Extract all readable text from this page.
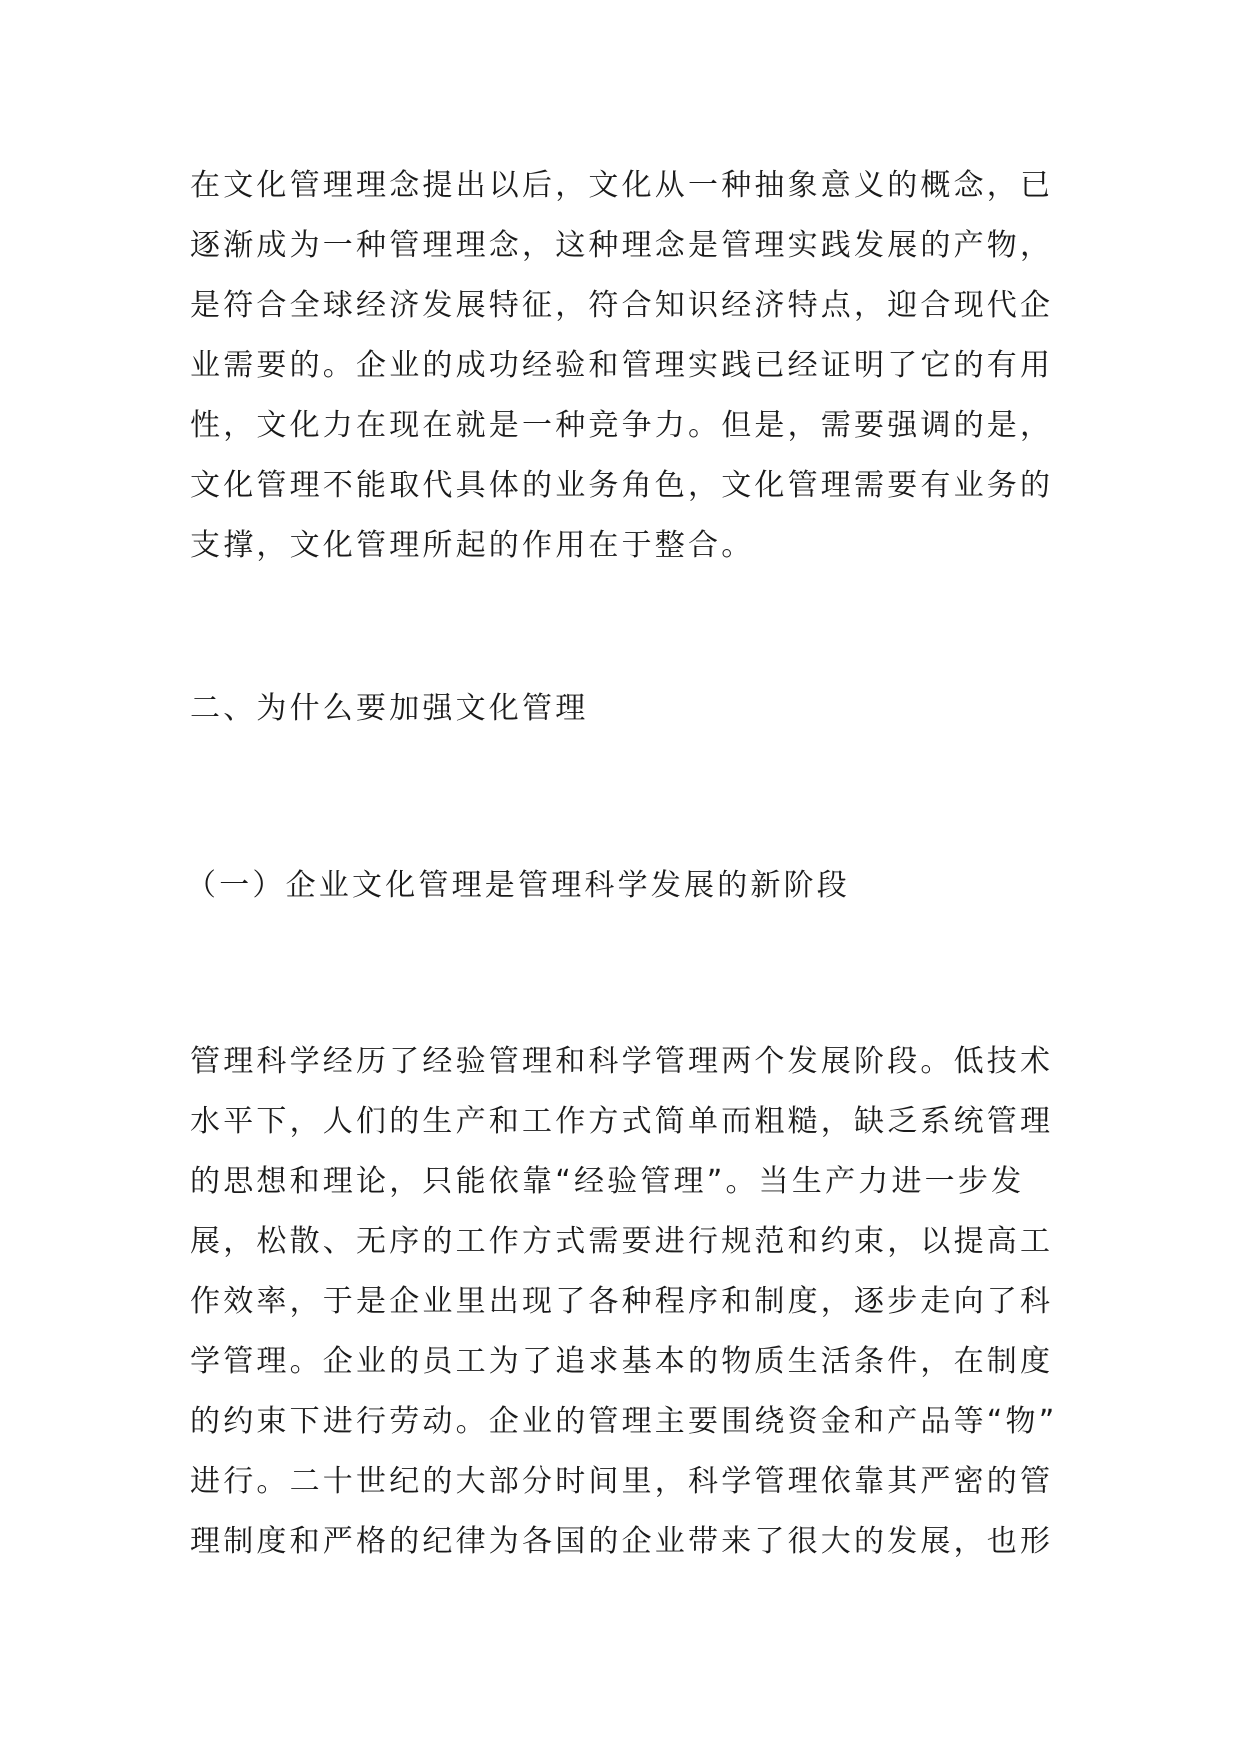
在文化管理理念提出以后，文化从一种抽象意义的概念，已
逐渐成为一种管理理念，这种理念是管理实践发展的产物，
是符合全球经济发展特征，符合知识经济特点，迎合现代企
业需要的。企业的成功经验和管理实践已经证明了它的有用
性，文化力在现在就是一种竞争力。但是，需要强调的是，
文化管理不能取代具体的业务角色，文化管理需要有业务的
支撑，文化管理所起的作用在于整合。
二、为什么要加强文化管理
（一）企业文化管理是管理科学发展的新阶段
管理科学经历了经验管理和科学管理两个发展阶段。低技术
水平下，人们的生产和工作方式简单而粗糙，缺乏系统管理
的思想和理论，只能依靠“经验管理”。当生产力进一步发
展，松散、无序的工作方式需要进行规范和约束，以提高工
作效率，于是企业里出现了各种程序和制度，逐步走向了科
学管理。企业的员工为了追求基本的物质生活条件，在制度
的约束下进行劳动。企业的管理主要围绕资金和产品等“物”
进行。二十世纪的大部分时间里，科学管理依靠其严密的管
理制度和严格的纪律为各国的企业带来了很大的发展，也形
